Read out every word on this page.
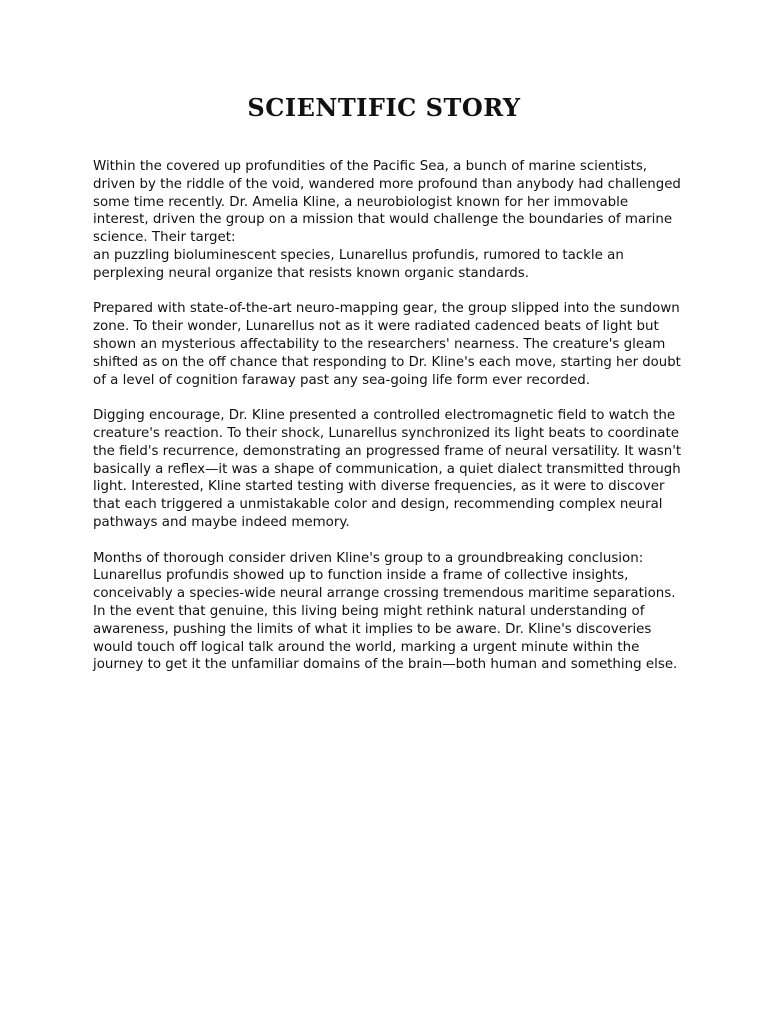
SCIENTIFIC STORY

Within the covered up profundities of the Pacific Sea, a bunch of marine scientists,
driven by the riddle of the void, wandered more profound than anybody had challenged
some time recently. Dr. Amelia Kline, a neurobiologist known for her immovable
interest, driven the group on a mission that would challenge the boundaries of marine
science. Their target:
an puzzling bioluminescent species, Lunarellus profundis, rumored to tackle an
perplexing neural organize that resists known organic standards.

Prepared with state-of-the-art neuro-mapping gear, the group slipped into the sundown
zone. To their wonder, Lunarellus not as it were radiated cadenced beats of light but
shown an mysterious affectability to the researchers' nearness. The creature's gleam
shifted as on the off chance that responding to Dr. Kline's each move, starting her doubt
of a level of cognition faraway past any sea-going life form ever recorded.

Digging encourage, Dr. Kline presented a controlled electromagnetic field to watch the
creature's reaction. To their shock, Lunarellus synchronized its light beats to coordinate
the field's recurrence, demonstrating an progressed frame of neural versatility. It wasn't
basically a reflex—it was a shape of communication, a quiet dialect transmitted through
light. Interested, Kline started testing with diverse frequencies, as it were to discover
that each triggered a unmistakable color and design, recommending complex neural
pathways and maybe indeed memory.

Months of thorough consider driven Kline's group to a groundbreaking conclusion:
Lunarellus profundis showed up to function inside a frame of collective insights,
conceivably a species-wide neural arrange crossing tremendous maritime separations.
In the event that genuine, this living being might rethink natural understanding of
awareness, pushing the limits of what it implies to be aware. Dr. Kline's discoveries
would touch off logical talk around the world, marking a urgent minute within the
journey to get it the unfamiliar domains of the brain—both human and something else.
